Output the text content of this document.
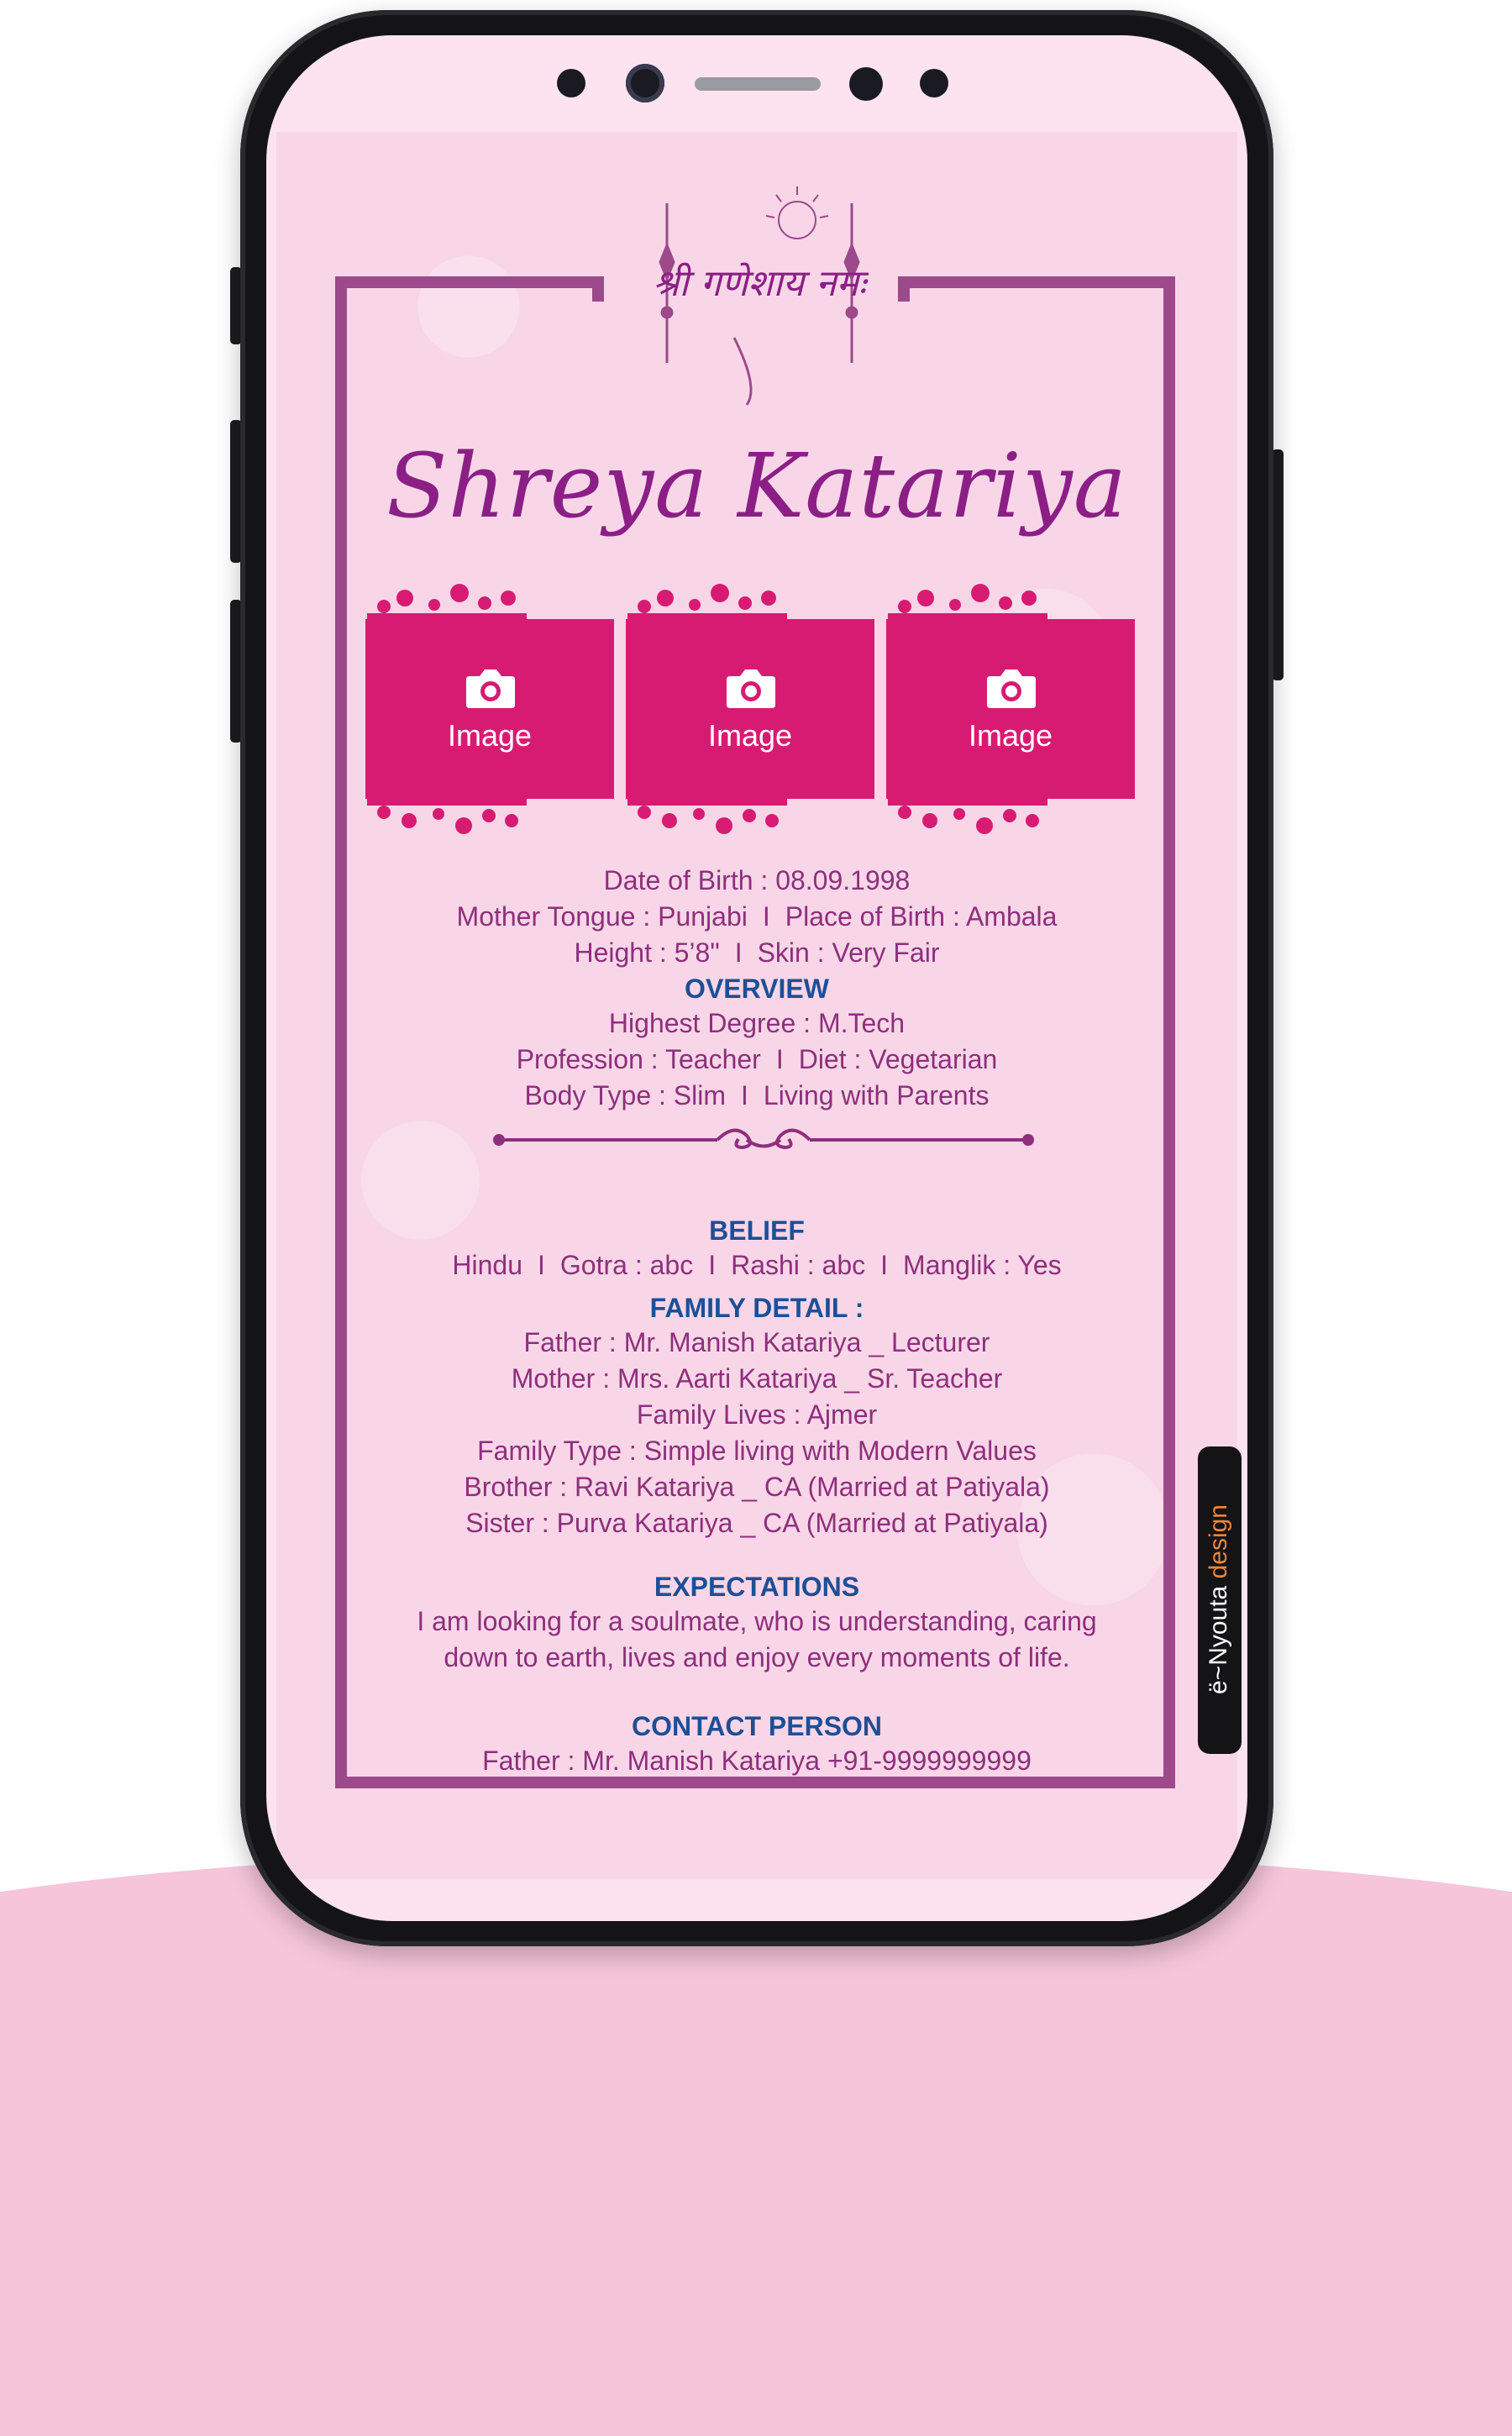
श्री गणेशाय नमः
Shreya Katariya
Image	Image	Image
Date of Birth : 08.09.1998
Mother Tongue : Punjabi I Place of Birth : Ambala
Height : 5’8" I Skin : Very Fair
OVERVIEW
Highest Degree : M.Tech
Profession : Teacher I Diet : Vegetarian
Body Type : Slim I Living with Parents
BELIEF
Hindu I Gotra : abc I Rashi : abc I Manglik : Yes
FAMILY DETAIL :
Father : Mr. Manish Katariya _ Lecturer
Mother : Mrs. Aarti Katariya _ Sr. Teacher
Family Lives : Ajmer
Family Type : Simple living with Modern Values
Brother : Ravi Katariya _ CA (Married at Patiyala)
Sister : Purva Katariya _ CA (Married at Patiyala)
EXPECTATIONS
I am looking for a soulmate, who is understanding, caring
down to earth, lives and enjoy every moments of life.
CONTACT PERSON
Father : Mr. Manish Katariya +91-9999999999
ë~Nyouta design
